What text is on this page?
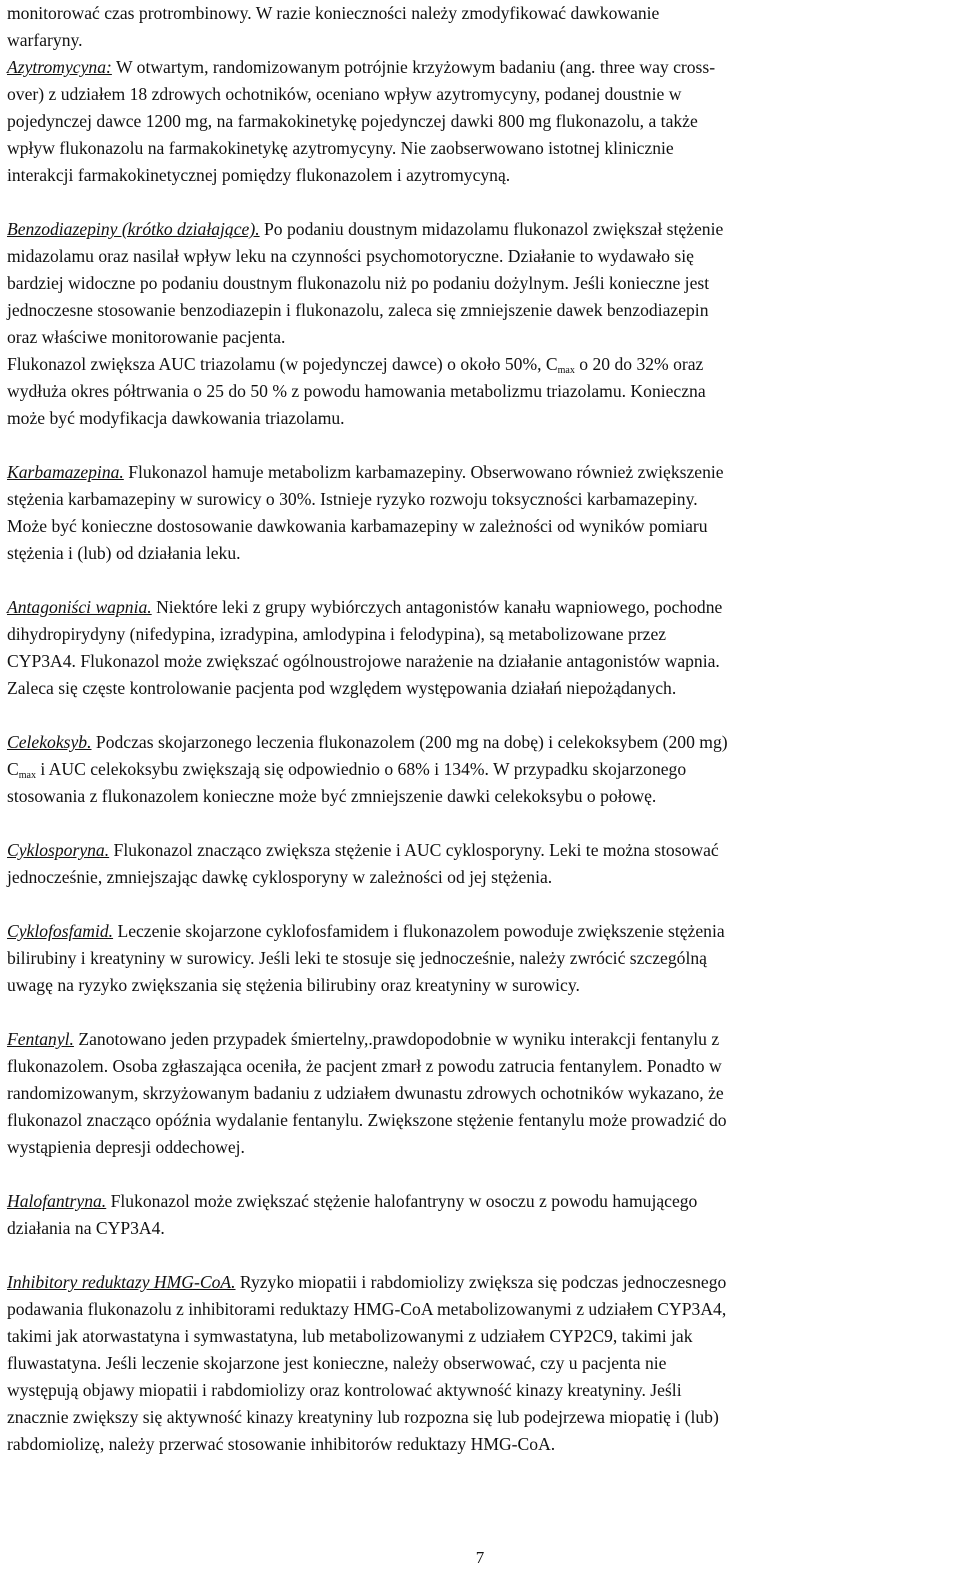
monitorować czas protrombinowy. W razie konieczności należy zmodyfikować dawkowanie
warfaryny.

Azytromycyna: W otwartym, randomizowanym potrójnie krzyżowym badaniu (ang. three way cross-
over) z udziałem 18 zdrowych ochotników, oceniano wpływ azytromycyny, podanej doustnie w
pojedynczej dawce 1200 mg, na farmakokinetykę pojedynczej dawki 800 mg flukonazolu, a także
wpływ flukonazolu na farmakokinetykę azytromycyny. Nie zaobserwowano istotnej klinicznie
interakcji farmakokinetycznej pomiędzy flukonazolem i azytromycyną.

Benzodiazepiny (krótko działające). Po podaniu doustnym midazolamu flukonazol zwiększał stężenie
midazolamu oraz nasilał wpływ leku na czynności psychomotoryczne. Działanie to wydawało się
bardziej widoczne po podaniu doustnym flukonazolu niż po podaniu dożylnym. Jeśli konieczne jest
jednoczesne stosowanie benzodiazepin i flukonazolu, zaleca się zmniejszenie dawek benzodiazepin
oraz właściwe monitorowanie pacjenta.

Flukonazol zwiększa AUC triazolamu (w pojedynczej dawce) o około 50%, $C_{max}$ o 20 do 32% oraz
wydłuża okres półtrwania o 25 do 50 % z powodu hamowania metabolizmu triazolamu. Konieczna
może być modyfikacja dawkowania triazolamu.

Karbamazepina. Flukonazol hamuje metabolizm karbamazepiny. Obserwowano również zwiększenie
stężenia karbamazepiny w surowicy o 30%. Istnieje ryzyko rozwoju toksyczności karbamazepiny.
Może być konieczne dostosowanie dawkowania karbamazepiny w zależności od wyników pomiaru
stężenia i (lub) od działania leku.

Antagoniści wapnia. Niektóre leki z grupy wybiórczych antagonistów kanału wapniowego, pochodne
dihydropirydyny (nifedypina, izradypina, amlodypina i felodypina), są metabolizowane przez
CYP3A4. Flukonazol może zwiększać ogólnoustrojowe narażenie na działanie antagonistów wapnia.
Zaleca się częste kontrolowanie pacjenta pod względem występowania działań niepożądanych.

Celekoksyb. Podczas skojarzonego leczenia flukonazolem (200 mg na dobę) i celekoksybem (200 mg)
$C_{max}$ i AUC celekoksybu zwiększają się odpowiednio o 68% i 134%. W przypadku skojarzonego
stosowania z flukonazolem konieczne może być zmniejszenie dawki celekoksybu o połowę.

Cyklosporyna. Flukonazol znacząco zwiększa stężenie i AUC cyklosporyny. Leki te można stosować
jednocześnie, zmniejszając dawkę cyklosporyny w zależności od jej stężenia.

Cyklofosfamid. Leczenie skojarzone cyklofosfamidem i flukonazolem powoduje zwiększenie stężenia
bilirubiny i kreatyniny w surowicy. Jeśli leki te stosuje się jednocześnie, należy zwrócić szczególną
uwagę na ryzyko zwiększania się stężenia bilirubiny oraz kreatyniny w surowicy.

Fentanyl. Zanotowano jeden przypadek śmiertelny,.prawdopodobnie w wyniku interakcji fentanylu z
flukonazolem. Osoba zgłaszająca oceniła, że pacjent zmarł z powodu zatrucia fentanylem. Ponadto w
randomizowanym, skrzyżowanym badaniu z udziałem dwunastu zdrowych ochotników wykazano, że
flukonazol znacząco opóźnia wydalanie fentanylu. Zwiększone stężenie fentanylu może prowadzić do
wystąpienia depresji oddechowej.

Halofantryna. Flukonazol może zwiększać stężenie halofantryny w osoczu z powodu hamującego
działania na CYP3A4.

Inhibitory reduktazy HMG-CoA. Ryzyko miopatii i rabdomiolizy zwiększa się podczas jednoczesnego
podawania flukonazolu z inhibitorami reduktazy HMG-CoA metabolizowanymi z udziałem CYP3A4,
takimi jak atorwastatyna i symwastatyna, lub metabolizowanymi z udziałem CYP2C9, takimi jak
fluwastatyna. Jeśli leczenie skojarzone jest konieczne, należy obserwować, czy u pacjenta nie
występują objawy miopatii i rabdomiolizy oraz kontrolować aktywność kinazy kreatyniny. Jeśli
znacznie zwiększy się aktywność kinazy kreatyniny lub rozpozna się lub podejrzewa miopatię i (lub)
rabdomiolizę, należy przerwać stosowanie inhibitorów reduktazy HMG-CoA.

7
